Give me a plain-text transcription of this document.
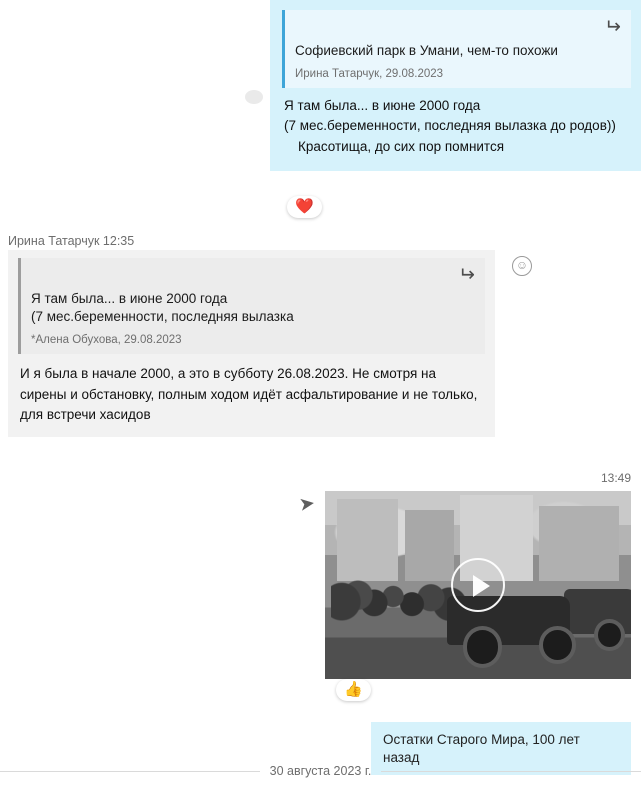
↵
Софиевский парк в Умани, чем-то похожи
Ирина Татарчук, 29.08.2023
Я там была... в июне 2000 года
(7 мес.беременности, последняя вылазка до родов))
Красотища, до сих пор помнится
❤️
Ирина Татарчук 12:35
↵
Я там была... в июне 2000 года
(7 мес.беременности, последняя вылазка
*Алена Обухова, 29.08.2023
И я была в начале 2000, а это в субботу 26.08.2023. Не смотря на сирены и обстановку, полным ходом идёт асфальтирование и не только, для встречи хасидов
☺
13:49
➤
👍
Остатки Старого Мира, 100 лет назад
30 августа 2023 г.
